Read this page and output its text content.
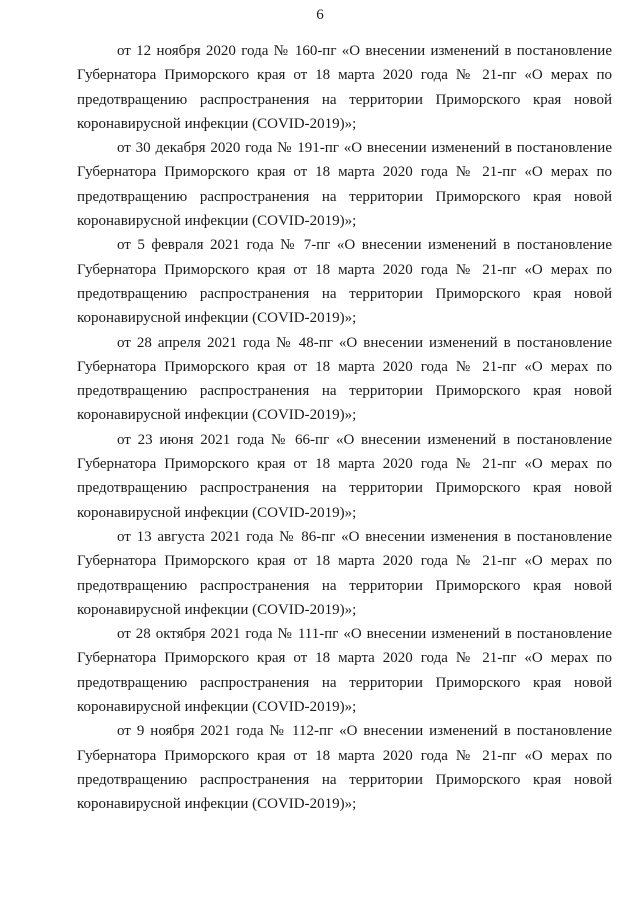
6

от 12 ноября 2020 года № 160-пг «О внесении изменений в постановление Губернатора Приморского края от 18 марта 2020 года № 21-пг «О мерах по предотвращению распространения на территории Приморского края новой коронавирусной инфекции (COVID-2019)»;

от 30 декабря 2020 года № 191-пг «О внесении изменений в постановление Губернатора Приморского края от 18 марта 2020 года № 21-пг «О мерах по предотвращению распространения на территории Приморского края новой коронавирусной инфекции (COVID-2019)»;

от 5 февраля 2021 года № 7-пг «О внесении изменений в постановление Губернатора Приморского края от 18 марта 2020 года № 21-пг «О мерах по предотвращению распространения на территории Приморского края новой коронавирусной инфекции (COVID-2019)»;

от 28 апреля 2021 года № 48-пг «О внесении изменений в постановление Губернатора Приморского края от 18 марта 2020 года № 21-пг «О мерах по предотвращению распространения на территории Приморского края новой коронавирусной инфекции (COVID-2019)»;

от 23 июня 2021 года № 66-пг «О внесении изменений в постановление Губернатора Приморского края от 18 марта 2020 года № 21-пг «О мерах по предотвращению распространения на территории Приморского края новой коронавирусной инфекции (COVID-2019)»;

от 13 августа 2021 года № 86-пг «О внесении изменения в постановление Губернатора Приморского края от 18 марта 2020 года № 21-пг «О мерах по предотвращению распространения на территории Приморского края новой коронавирусной инфекции (COVID-2019)»;

от 28 октября 2021 года № 111-пг «О внесении изменений в постановление Губернатора Приморского края от 18 марта 2020 года № 21-пг «О мерах по предотвращению распространения на территории Приморского края новой коронавирусной инфекции (COVID-2019)»;

от 9 ноября 2021 года № 112-пг «О внесении изменений в постановление Губернатора Приморского края от 18 марта 2020 года № 21-пг «О мерах по предотвращению распространения на территории Приморского края новой коронавирусной инфекции (COVID-2019)»;
